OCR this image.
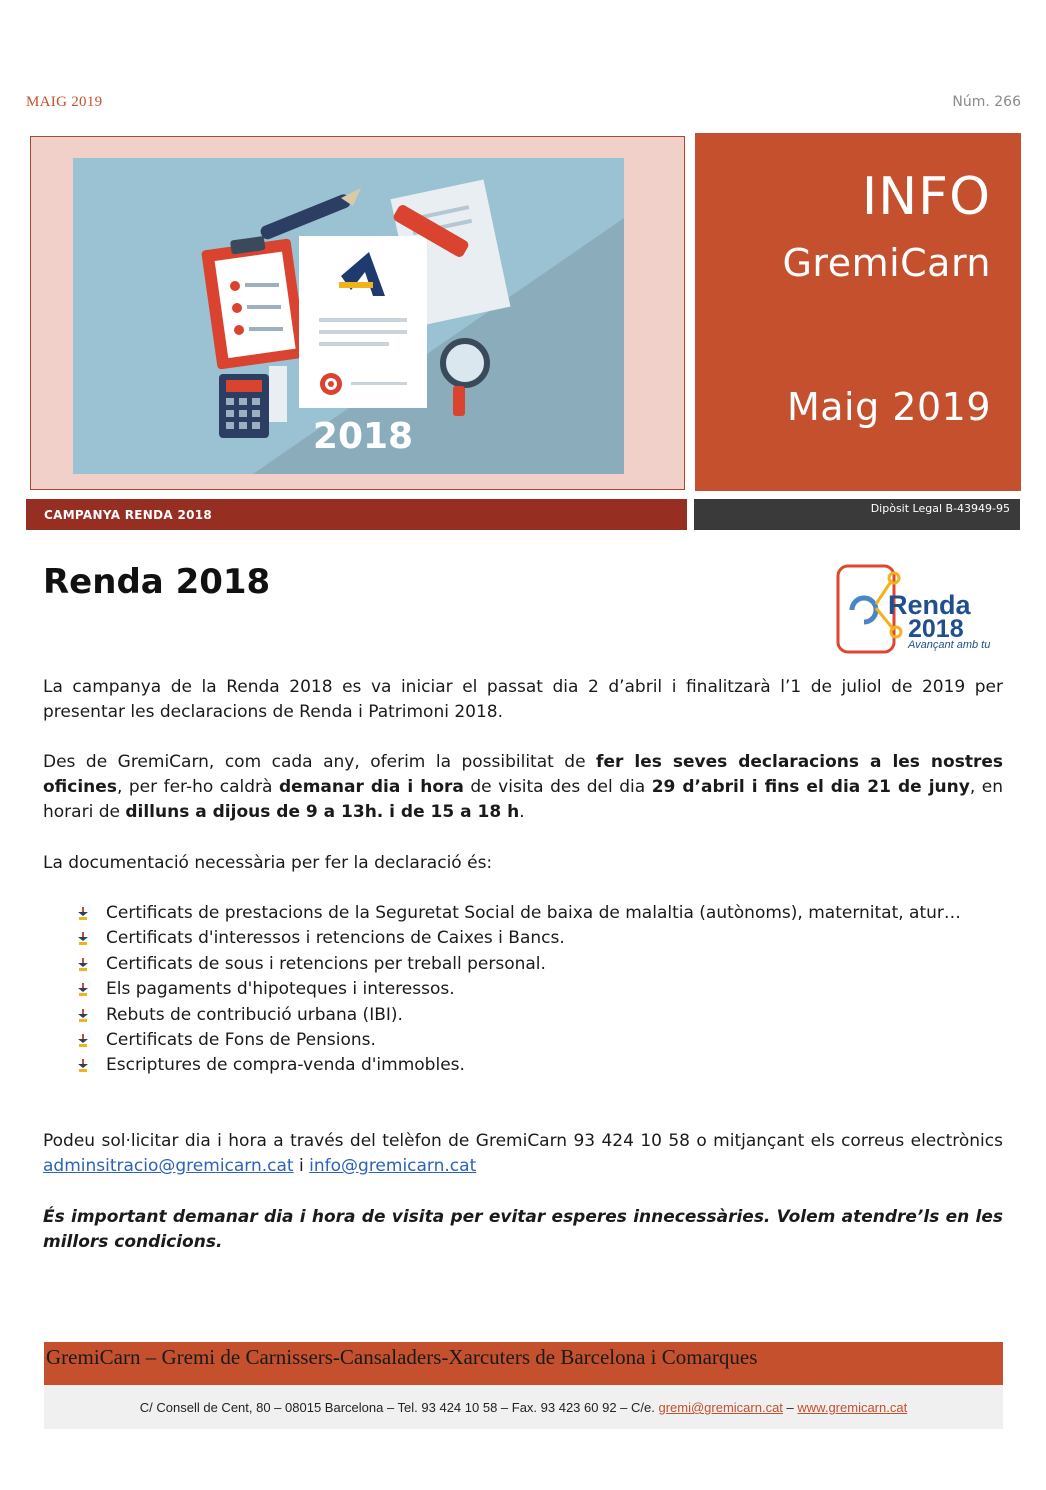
MAIG 2019	Núm. 266
2018
INFO
GremiCarn
Maig 2019
CAMPANYA RENDA 2018	Dipòsit Legal B-43949-95
Renda 2018
Renda
2018
Avançant amb tu
La campanya de la Renda 2018 es va iniciar el passat dia 2 d’abril i finalitzarà l’1 de juliol de 2019 per presentar les declaracions de Renda i Patrimoni 2018.
Des de GremiCarn, com cada any, oferim la possibilitat de fer les seves declaracions a les nostres oficines, per fer-ho caldrà demanar dia i hora de visita des del dia 29 d’abril i fins el dia 21 de juny, en horari de dilluns a dijous de 9 a 13h. i de 15 a 18 h.
La documentació necessària per fer la declaració és:
Certificats de prestacions de la Seguretat Social de baixa de malaltia (autònoms), maternitat, atur…
Certificats d'interessos i retencions de Caixes i Bancs.
Certificats de sous i retencions per treball personal.
Els pagaments d'hipoteques i interessos.
Rebuts de contribució urbana (IBI).
Certificats de Fons de Pensions.
Escriptures de compra-venda d'immobles.
Podeu sol·licitar dia i hora a través del telèfon de GremiCarn 93 424 10 58 o mitjançant els correus electrònics adminsitracio@gremicarn.cat i info@gremicarn.cat
És important demanar dia i hora de visita per evitar esperes innecessàries. Volem atendre’ls en les millors condicions.
GremiCarn – Gremi de Carnissers-Cansaladers-Xarcuters de Barcelona i Comarques
C/ Consell de Cent, 80 – 08015 Barcelona – Tel. 93 424 10 58 – Fax. 93 423 60 92 – C/e. gremi@gremicarn.cat – www.gremicarn.cat
